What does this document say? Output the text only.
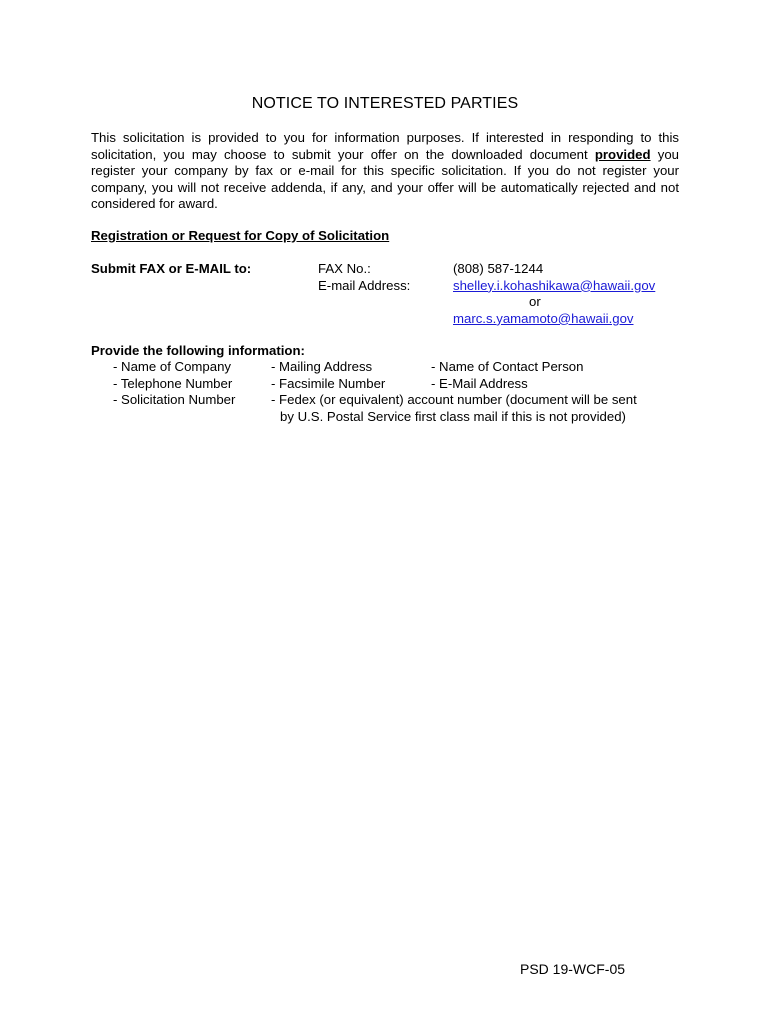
NOTICE TO INTERESTED PARTIES
This solicitation is provided to you for information purposes. If interested in responding to this solicitation, you may choose to submit your offer on the downloaded document provided you register your company by fax or e-mail for this specific solicitation. If you do not register your company, you will not receive addenda, if any, and your offer will be automatically rejected and not considered for award.
Registration or Request for Copy of Solicitation
Submit FAX or E-MAIL to:	FAX No.:
E-mail Address:
(808) 587-1244
shelley.i.kohashikawa@hawaii.gov
or
marc.s.yamamoto@hawaii.gov
Provide the following information:
- Name of Company
- Telephone Number
- Solicitation Number
- Mailing Address
- Facsimile Number
- Fedex (or equivalent) account number (document will be sent
by U.S. Postal Service first class mail if this is not provided)
- Name of Contact Person
- E-Mail Address
PSD 19-WCF-05
